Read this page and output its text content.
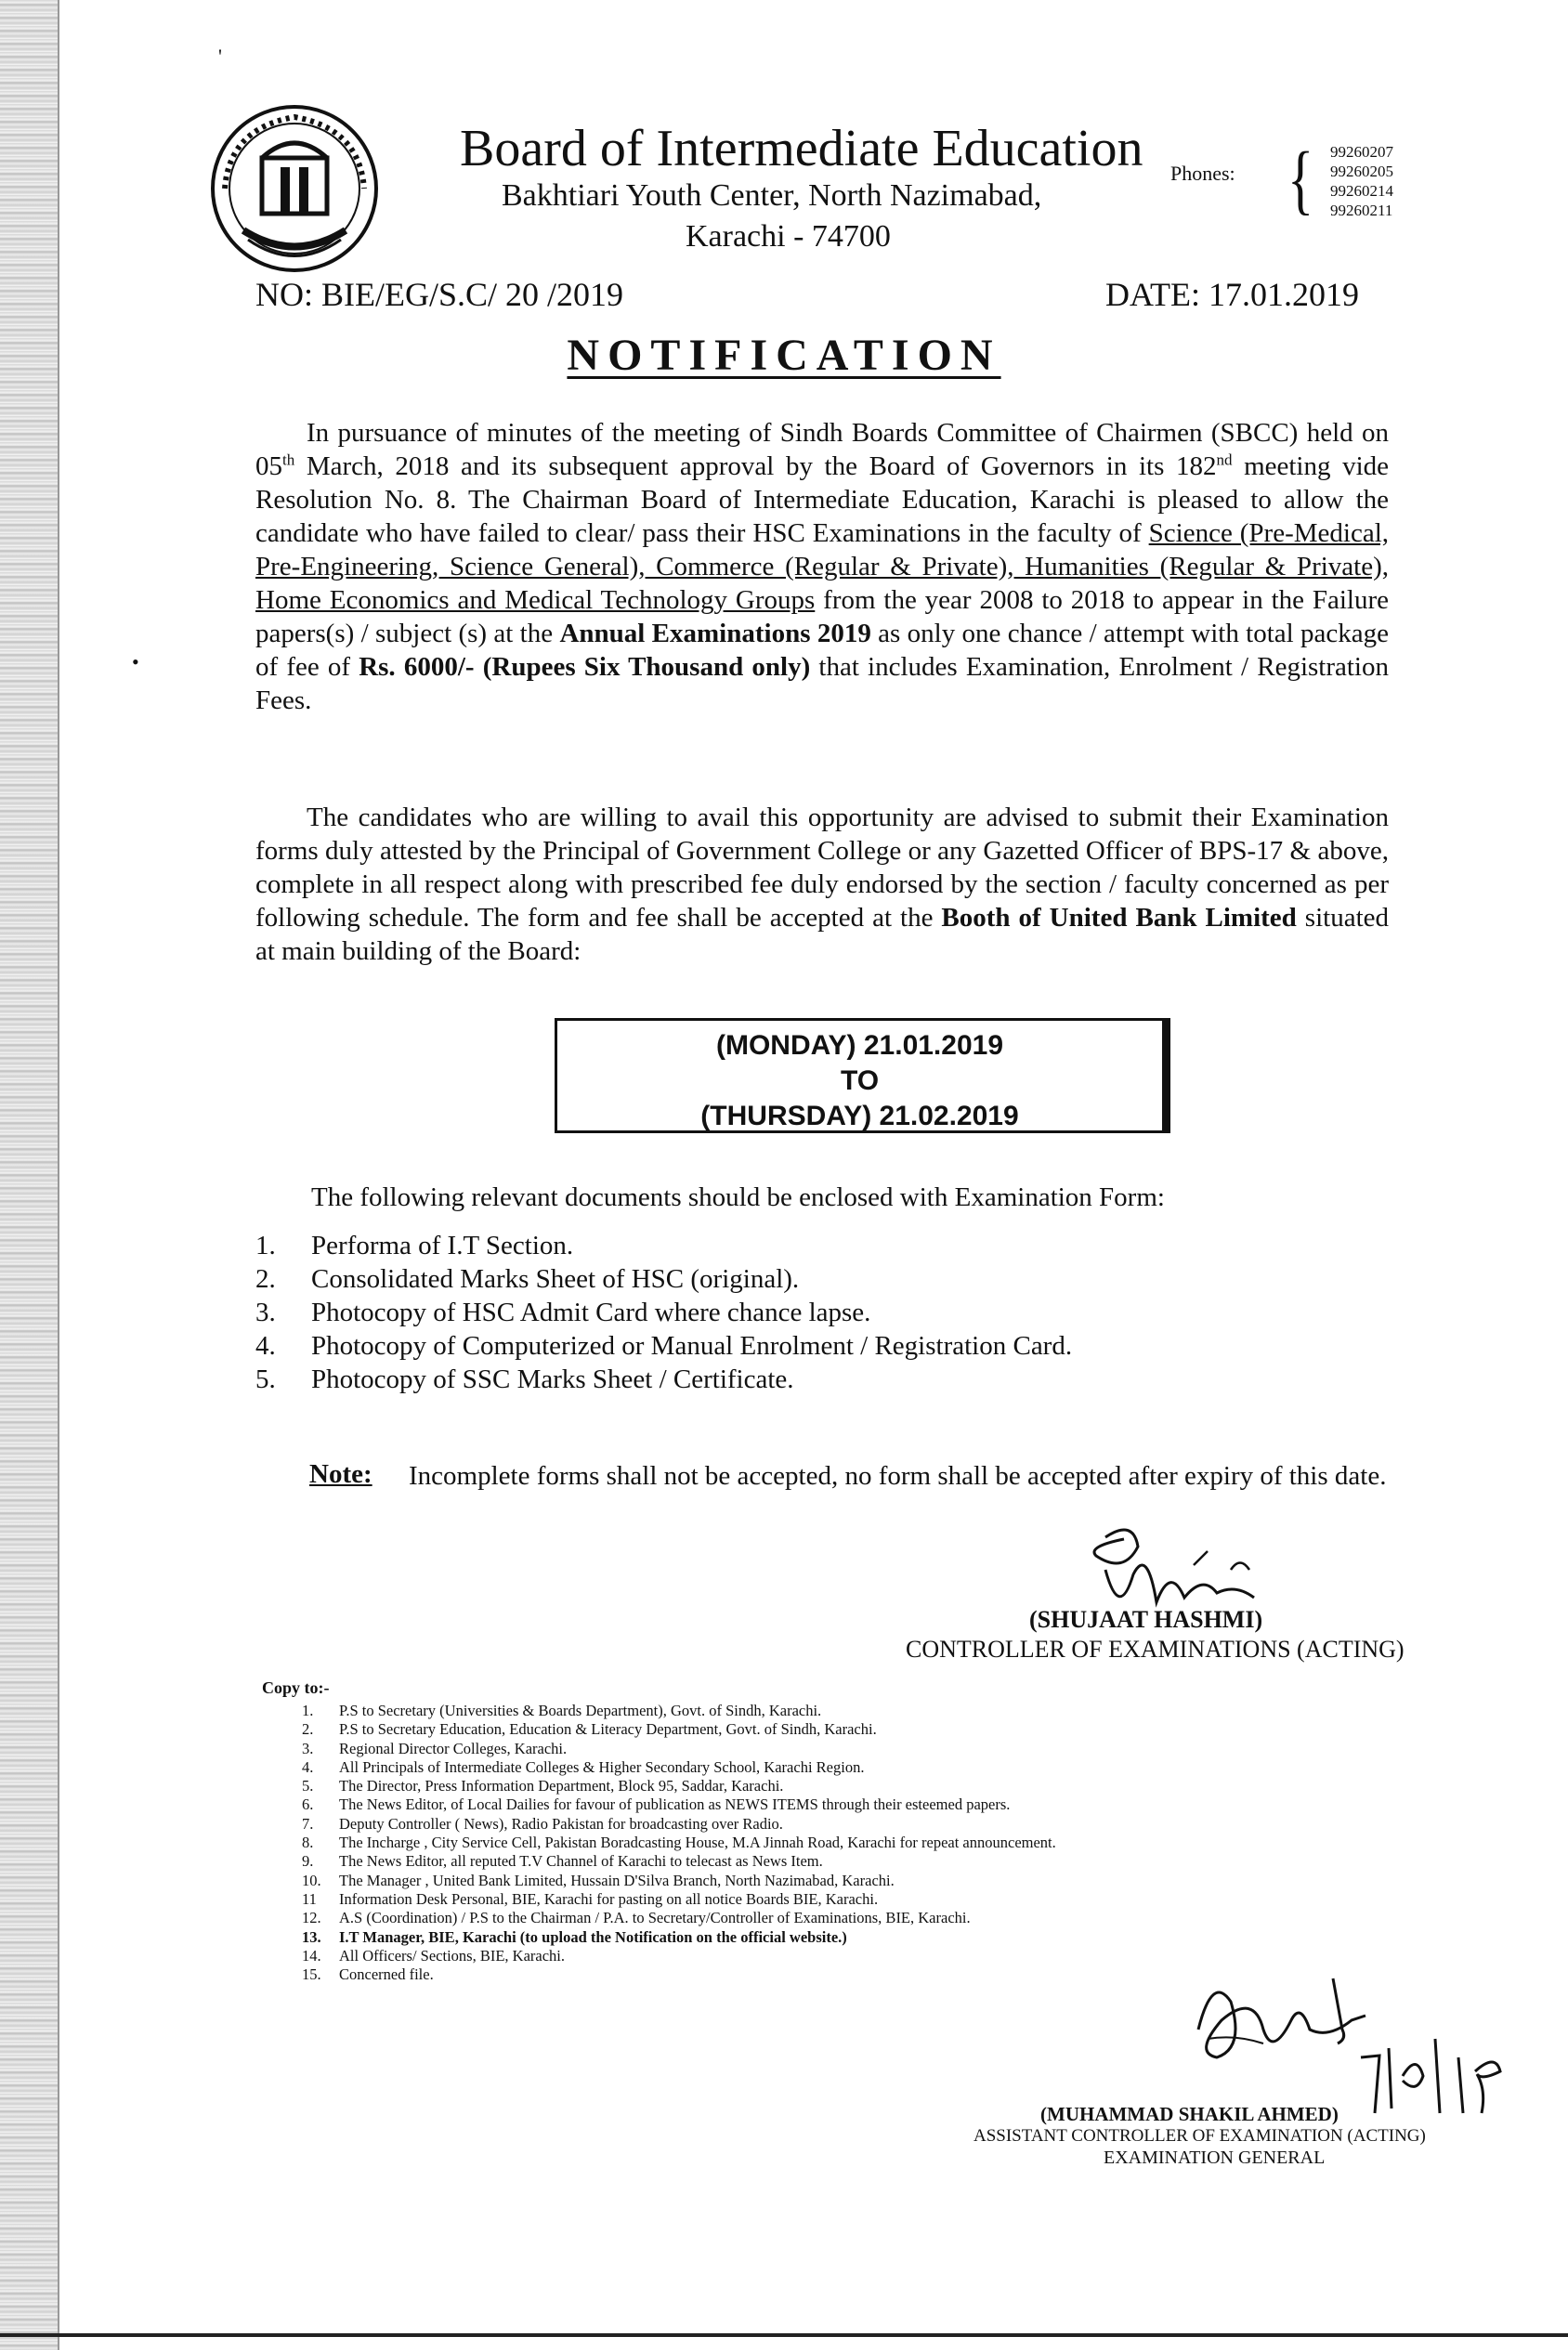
'
•
Board of Intermediate Education
Bakhtiari Youth Center, North Nazimabad,
Karachi - 74700
Phones: { 99260207
99260205
99260214
99260211
NO: BIE/EG/S.C/ 20 /2019	DATE: 17.01.2019
NOTIFICATION
In pursuance of minutes of the meeting of Sindh Boards Committee of Chairmen (SBCC) held on 05th March, 2018 and its subsequent approval by the Board of Governors in its 182nd meeting vide Resolution No. 8. The Chairman Board of Intermediate Education, Karachi is pleased to allow the candidate who have failed to clear/ pass their HSC Examinations in the faculty of Science (Pre-Medical, Pre-Engineering, Science General), Commerce (Regular & Private), Humanities (Regular & Private), Home Economics and Medical Technology Groups from the year 2008 to 2018 to appear in the Failure papers(s) / subject (s) at the Annual Examinations 2019 as only one chance / attempt with total package of fee of Rs. 6000/- (Rupees Six Thousand only) that includes Examination, Enrolment / Registration Fees.
The candidates who are willing to avail this opportunity are advised to submit their Examination forms duly attested by the Principal of Government College or any Gazetted Officer of BPS-17 & above, complete in all respect along with prescribed fee duly endorsed by the section / faculty concerned as per following schedule. The form and fee shall be accepted at the Booth of United Bank Limited situated at main building of the Board:
(MONDAY) 21.01.2019
TO
(THURSDAY) 21.02.2019
The following relevant documents should be enclosed with Examination Form:
1. Performa of I.T Section.
2. Consolidated Marks Sheet of HSC (original).
3. Photocopy of HSC Admit Card where chance lapse.
4. Photocopy of Computerized or Manual Enrolment / Registration Card.
5. Photocopy of SSC Marks Sheet / Certificate.
Note: Incomplete forms shall not be accepted, no form shall be accepted after expiry of this date.
(SHUJAAT HASHMI)
CONTROLLER OF EXAMINATIONS (ACTING)
Copy to:-
1. P.S to Secretary (Universities & Boards Department), Govt. of Sindh, Karachi.
2. P.S to Secretary Education, Education & Literacy Department, Govt. of Sindh, Karachi.
3. Regional Director Colleges, Karachi.
4. All Principals of Intermediate Colleges & Higher Secondary School, Karachi Region.
5. The Director, Press Information Department, Block 95, Saddar, Karachi.
6. The News Editor, of Local Dailies for favour of publication as NEWS ITEMS through their esteemed papers.
7. Deputy Controller ( News), Radio Pakistan for broadcasting over Radio.
8. The Incharge , City Service Cell, Pakistan Boradcasting House, M.A Jinnah Road, Karachi for repeat announcement.
9. The News Editor, all reputed T.V Channel of Karachi to telecast as News Item.
10. The Manager , United Bank Limited, Hussain D'Silva Branch, North Nazimabad, Karachi.
11 Information Desk Personal, BIE, Karachi for pasting on all notice Boards BIE, Karachi.
12. A.S (Coordination) / P.S to the Chairman / P.A. to Secretary/Controller of Examinations, BIE, Karachi.
13. I.T Manager, BIE, Karachi (to upload the Notification on the official website.)
14. All Officers/ Sections, BIE, Karachi.
15. Concerned file.
17|01|19
(MUHAMMAD SHAKIL AHMED)
ASSISTANT CONTROLLER OF EXAMINATION (ACTING)
EXAMINATION GENERAL
